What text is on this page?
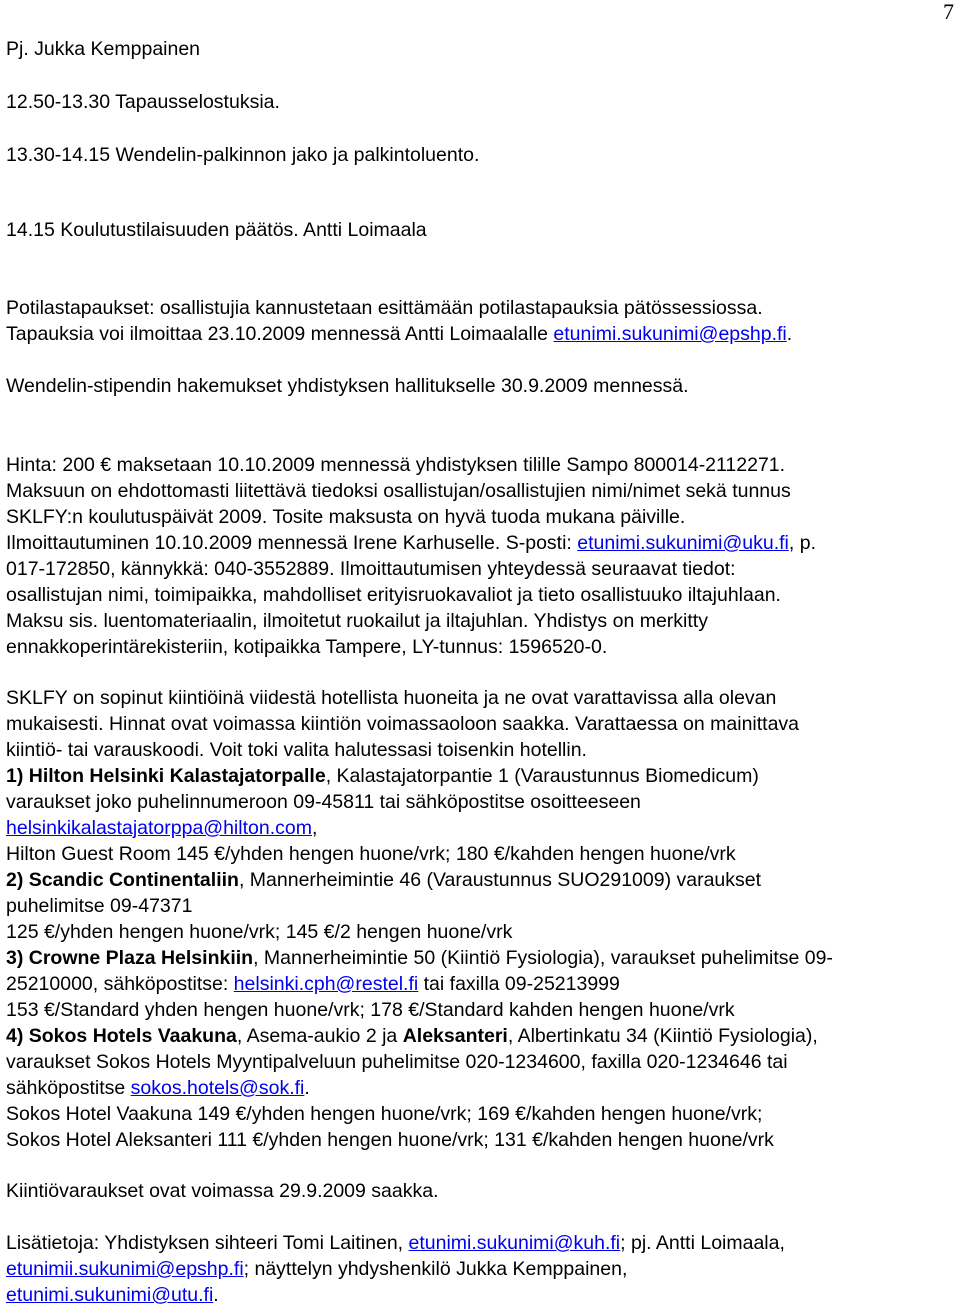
7
Pj. Jukka Kemppainen
12.50-13.30 Tapausselostuksia.
13.30-14.15 Wendelin-palkinnon jako ja palkintoluento.
14.15 Koulutustilaisuuden päätös. Antti Loimaala
Potilastapaukset: osallistujia kannustetaan esittämään potilastapauksia pätössessiossa.
Tapauksia voi ilmoittaa 23.10.2009 mennessä Antti Loimaalalle etunimi.sukunimi@epshp.fi.
Wendelin-stipendin hakemukset yhdistyksen hallitukselle 30.9.2009 mennessä.
Hinta: 200 € maksetaan 10.10.2009 mennessä yhdistyksen tilille Sampo 800014-2112271.
Maksuun on ehdottomasti liitettävä tiedoksi osallistujan/osallistujien nimi/nimet sekä tunnus
SKLFY:n koulutuspäivät 2009. Tosite maksusta on hyvä tuoda mukana päiville.
Ilmoittautuminen 10.10.2009 mennessä Irene Karhuselle. S-posti: etunimi.sukunimi@uku.fi, p.
017-172850, kännykkä: 040-3552889. Ilmoittautumisen yhteydessä seuraavat tiedot:
osallistujan nimi, toimipaikka, mahdolliset erityisruokavaliot ja tieto osallistuuko iltajuhlaan.
Maksu sis. luentomateriaalin, ilmoitetut ruokailut ja iltajuhlan. Yhdistys on merkitty
ennakkoperintärekisteriin, kotipaikka Tampere, LY-tunnus: 1596520-0.
SKLFY on sopinut kiintiöinä viidestä hotellista huoneita ja ne ovat varattavissa alla olevan
mukaisesti. Hinnat ovat voimassa kiintiön voimassaoloon saakka. Varattaessa on mainittava
kiintiö- tai varauskoodi. Voit toki valita halutessasi toisenkin hotellin.
1) Hilton Helsinki Kalastajatorpalle, Kalastajatorpantie 1 (Varaustunnus Biomedicum)
varaukset joko puhelinnumeroon 09-45811 tai sähköpostitse osoitteeseen
helsinkikalastajatorppa@hilton.com,
Hilton Guest Room 145 €/yhden hengen huone/vrk; 180 €/kahden hengen huone/vrk
2) Scandic Continentaliin, Mannerheimintie 46 (Varaustunnus SUO291009) varaukset
puhelimitse 09-47371
125 €/yhden hengen huone/vrk; 145 €/2 hengen huone/vrk
3) Crowne Plaza Helsinkiin, Mannerheimintie 50 (Kiintiö Fysiologia), varaukset puhelimitse 09-
25210000, sähköpostitse: helsinki.cph@restel.fi tai faxilla 09-25213999
153 €/Standard yhden hengen huone/vrk; 178 €/Standard kahden hengen huone/vrk
4) Sokos Hotels Vaakuna, Asema-aukio 2 ja Aleksanteri, Albertinkatu 34 (Kiintiö Fysiologia),
varaukset Sokos Hotels Myyntipalveluun puhelimitse 020-1234600, faxilla 020-1234646 tai
sähköpostitse sokos.hotels@sok.fi.
Sokos Hotel Vaakuna 149 €/yhden hengen huone/vrk; 169 €/kahden hengen huone/vrk;
Sokos Hotel Aleksanteri 111 €/yhden hengen huone/vrk; 131 €/kahden hengen huone/vrk
Kiintiövaraukset ovat voimassa 29.9.2009 saakka.
Lisätietoja: Yhdistyksen sihteeri Tomi Laitinen, etunimi.sukunimi@kuh.fi; pj. Antti Loimaala,
etunimii.sukunimi@epshp.fi; näyttelyn yhdyshenkilö Jukka Kemppainen,
etunimi.sukunimi@utu.fi.
